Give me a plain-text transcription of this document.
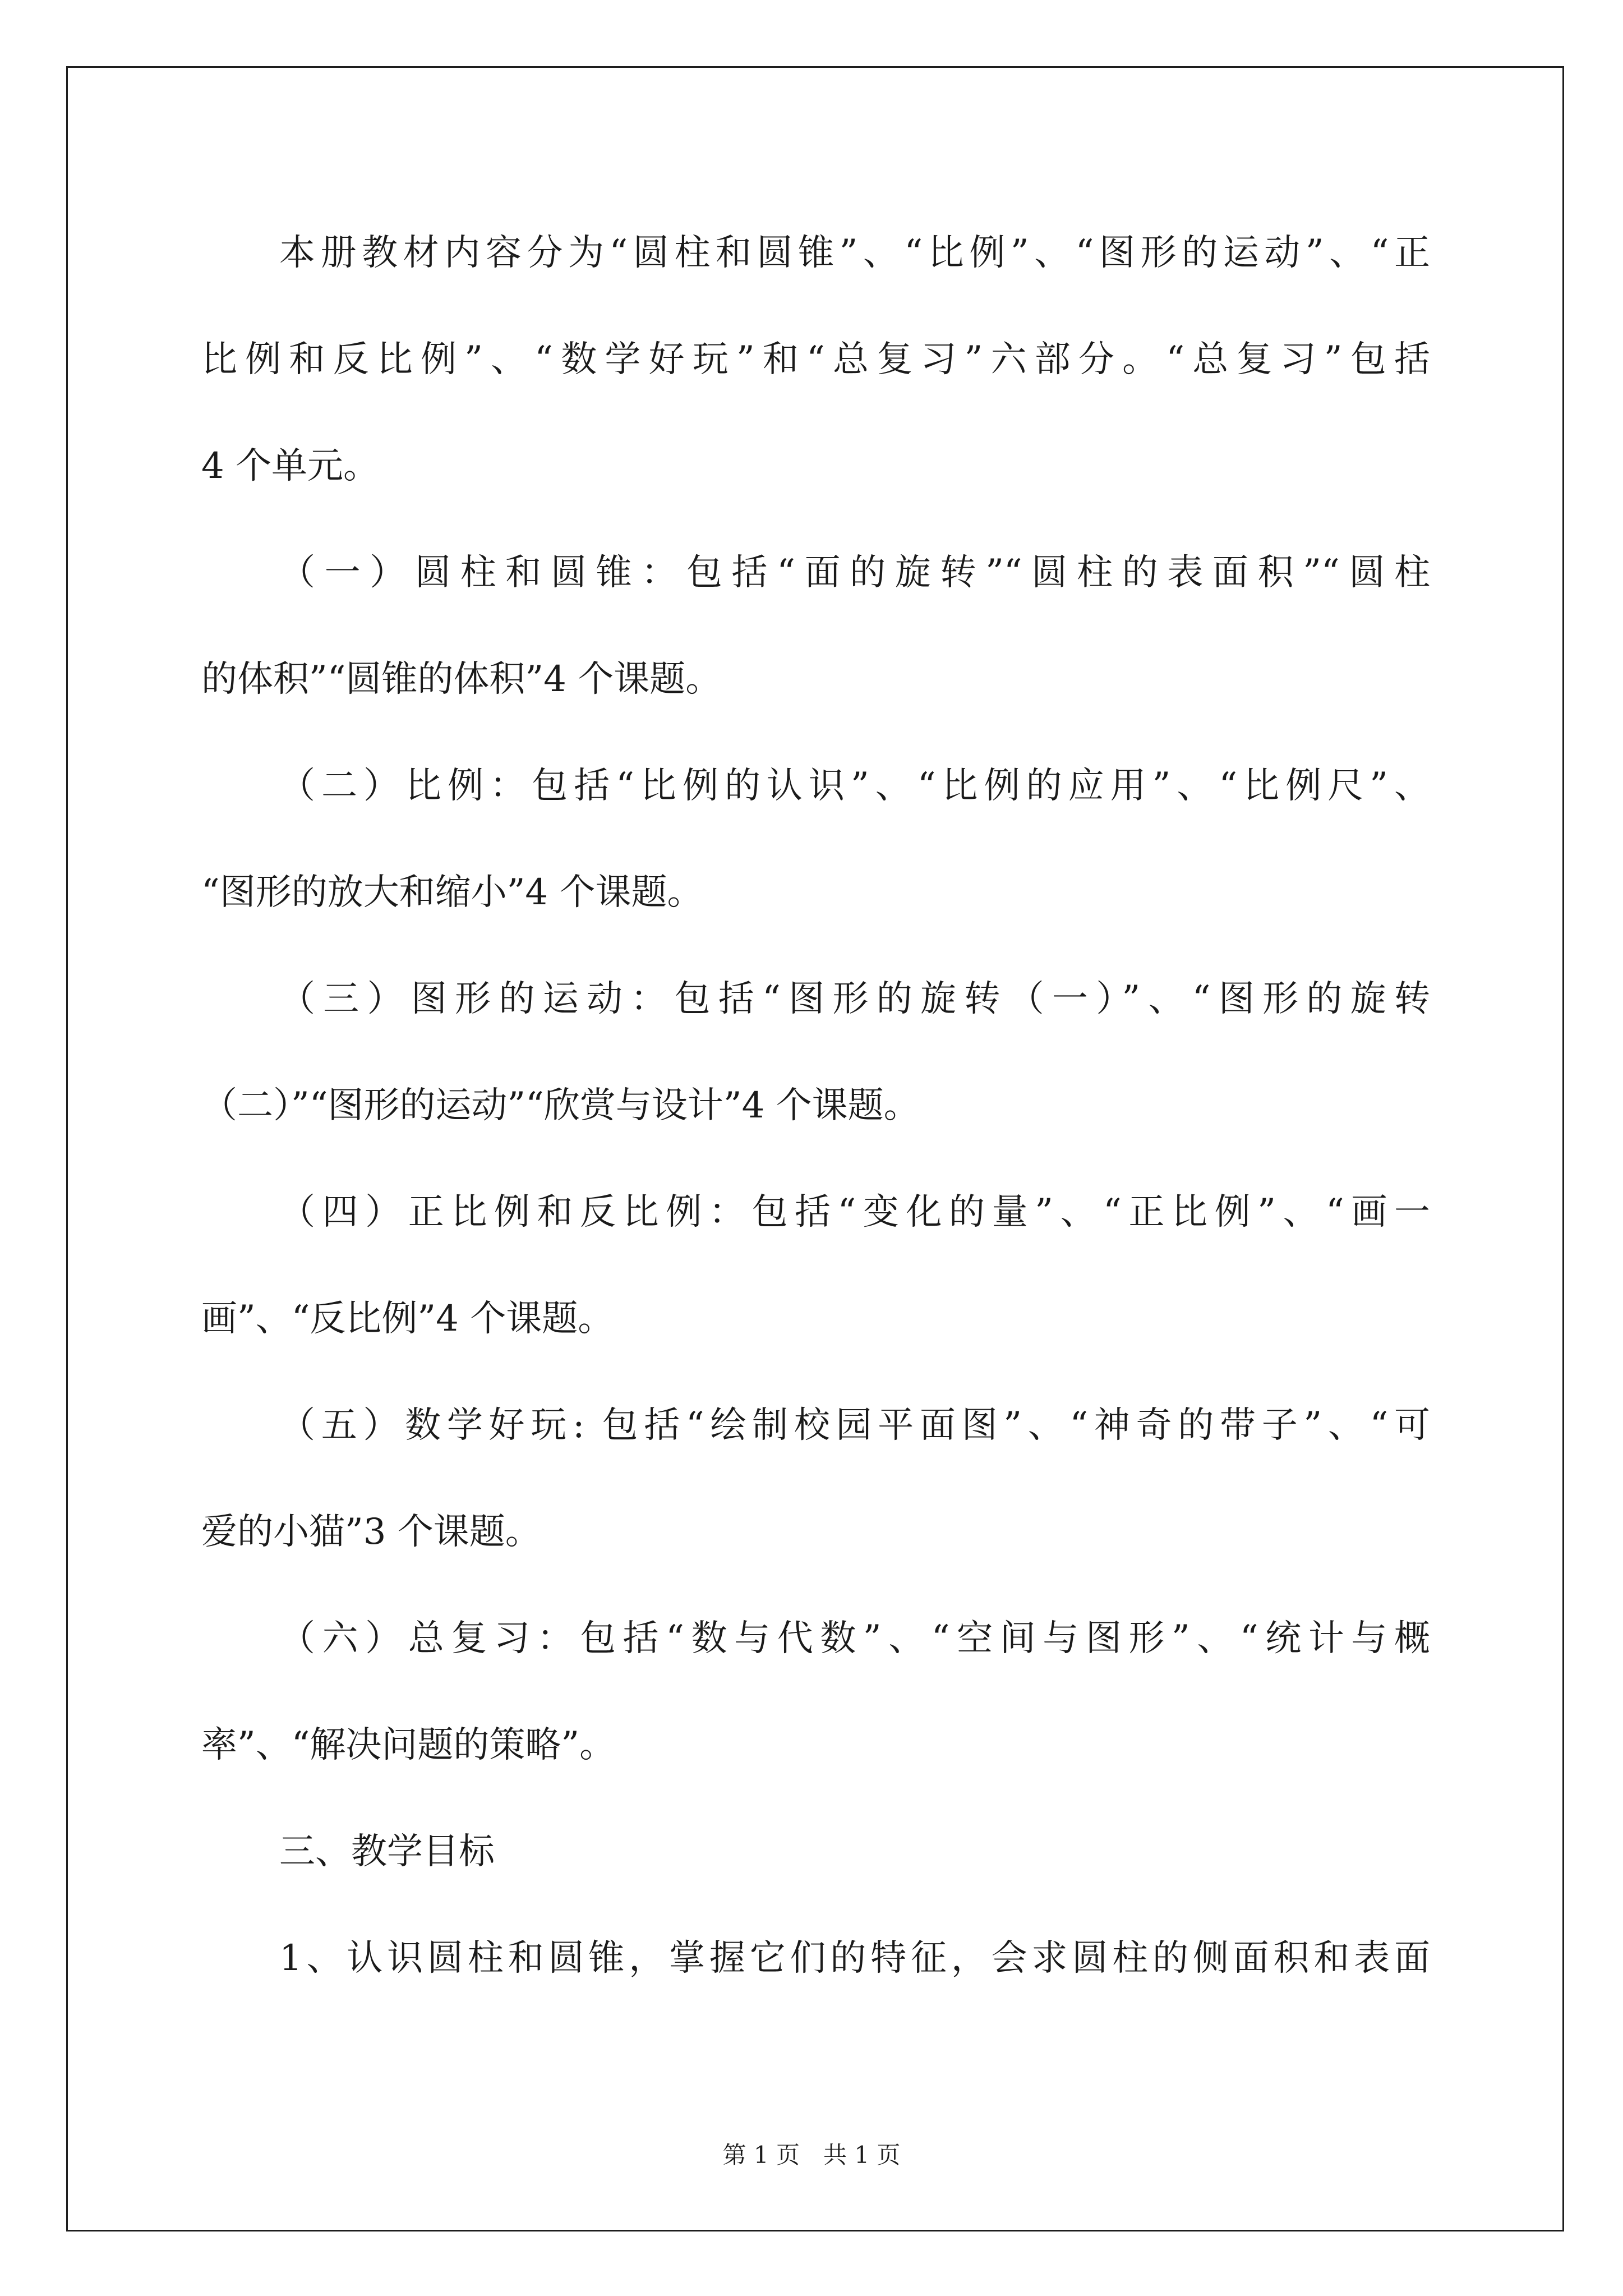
本册教材内容分为“圆柱和圆锥”、“比例”、“图形的运动”、“正
比例和反比例”、“数学好玩”和“总复习”六部分。“总复习”包括
4 个单元。
（一）圆柱和圆锥：包括“面的旋转”“圆柱的表面积”“圆柱
的体积”“圆锥的体积”4 个课题。
（二）比例：包括“比例的认识”、“比例的应用”、“比例尺”、
“图形的放大和缩小”4 个课题。
（三）图形的运动：包括“图形的旋转（一）”、“图形的旋转
（二）”“图形的运动”“欣赏与设计”4 个课题。
（四）正比例和反比例：包括“变化的量”、“正比例”、“画一
画”、“反比例”4 个课题。
（五）数学好玩: 包括“绘制校园平面图”、“神奇的带子”、“可
爱的小猫”3 个课题。
（六）总复习：包括“数与代数”、“空间与图形”、“统计与概
率”、“解决问题的策略”。
三、教学目标
1、认识圆柱和圆锥，掌握它们的特征，会求圆柱的侧面积和表面
第 1 页　共 1 页
